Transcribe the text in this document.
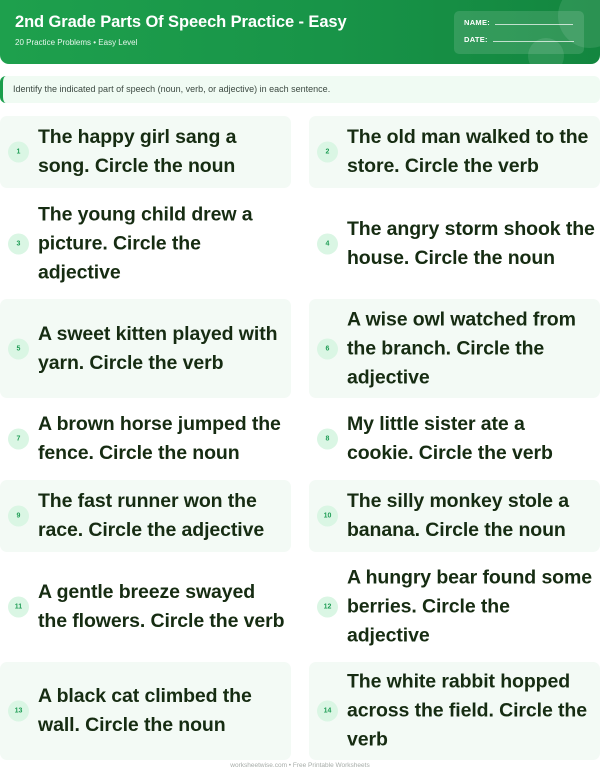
2nd Grade Parts Of Speech Practice - Easy
20 Practice Problems • Easy Level
NAME:
DATE:
Identify the indicated part of speech (noun, verb, or adjective) in each sentence.
1
The happy girl sang a song. Circle the noun
2
The old man walked to the store. Circle the verb
3
The young child drew a picture. Circle the adjective
4
The angry storm shook the house. Circle the noun
5
A sweet kitten played with yarn. Circle the verb
6
A wise owl watched from the branch. Circle the adjective
7
A brown horse jumped the fence. Circle the noun
8
My little sister ate a cookie. Circle the verb
9
The fast runner won the race. Circle the adjective
10
The silly monkey stole a banana. Circle the noun
11
A gentle breeze swayed the flowers. Circle the verb
12
A hungry bear found some berries. Circle the adjective
13
A black cat climbed the wall. Circle the noun
14
The white rabbit hopped across the field. Circle the verb
worksheetwise.com • Free Printable Worksheets
